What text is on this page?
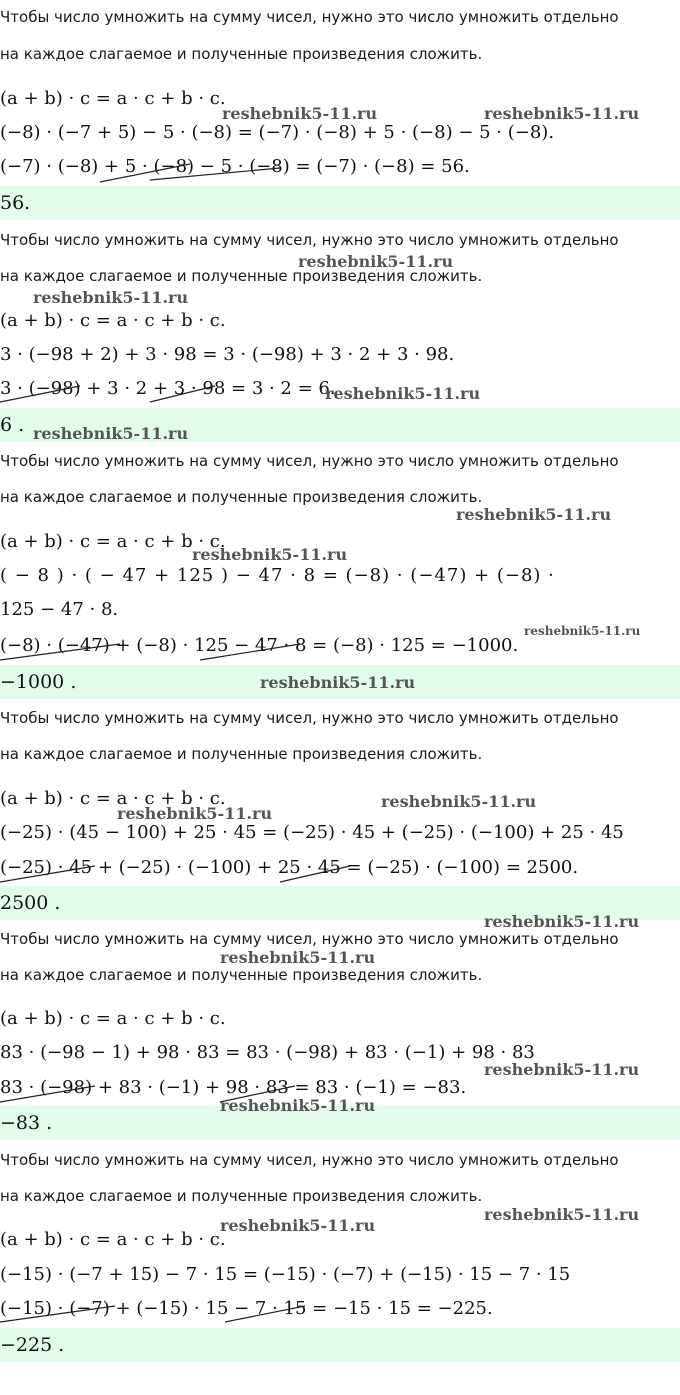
Чтобы число умножить на сумму чисел, нужно это число умножить отдельно
на каждое слагаемое и полученные произведения сложить.
(a + b) · c = a · c + b · c.
(−8) · (−7 + 5) − 5 · (−8) = (−7) · (−8) + 5 · (−8) − 5 · (−8).
(−7) · (−8) + 5 · (−8) − 5 · (−8) = (−7) · (−8) = 56.
56.
Чтобы число умножить на сумму чисел, нужно это число умножить отдельно
на каждое слагаемое и полученные произведения сложить.
(a + b) · c = a · c + b · c.
3 · (−98 + 2) + 3 · 98 = 3 · (−98) + 3 · 2 + 3 · 98.
3 · (−98) + 3 · 2 + 3 · 98 = 3 · 2 = 6.
6 .
Чтобы число умножить на сумму чисел, нужно это число умножить отдельно
на каждое слагаемое и полученные произведения сложить.
(a + b) · c = a · c + b · c.
( − 8 ) · ( − 47 + 125 ) − 47 · 8 = (−8) · (−47) + (−8) ·
125 − 47 · 8.
(−8) · (−47) + (−8) · 125 − 47 · 8 = (−8) · 125 = −1000.
−1000 .
Чтобы число умножить на сумму чисел, нужно это число умножить отдельно
на каждое слагаемое и полученные произведения сложить.
(a + b) · c = a · c + b · c.
(−25) · (45 − 100) + 25 · 45 = (−25) · 45 + (−25) · (−100) + 25 · 45
(−25) · 45 + (−25) · (−100) + 25 · 45 = (−25) · (−100) = 2500.
2500 .
Чтобы число умножить на сумму чисел, нужно это число умножить отдельно
на каждое слагаемое и полученные произведения сложить.
(a + b) · c = a · c + b · c.
83 · (−98 − 1) + 98 · 83 = 83 · (−98) + 83 · (−1) + 98 · 83
83 · (−98) + 83 · (−1) + 98 · 83 = 83 · (−1) = −83.
−83 .
Чтобы число умножить на сумму чисел, нужно это число умножить отдельно
на каждое слагаемое и полученные произведения сложить.
(a + b) · c = a · c + b · c.
(−15) · (−7 + 15) − 7 · 15 = (−15) · (−7) + (−15) · 15 − 7 · 15
(−15) · (−7) + (−15) · 15 − 7 · 15 = −15 · 15 = −225.
−225 .
reshebnik5-11.ru	reshebnik5-11.ru
reshebnik5-11.ru
reshebnik5-11.ru
reshebnik5-11.ru
reshebnik5-11.ru
reshebnik5-11.ru
reshebnik5-11.ru
reshebnik5-11.ru
reshebnik5-11.ru
reshebnik5-11.ru
reshebnik5-11.ru
reshebnik5-11.ru
reshebnik5-11.ru
reshebnik5-11.ru
reshebnik5-11.ru
reshebnik5-11.ru
reshebnik5-11.ru
